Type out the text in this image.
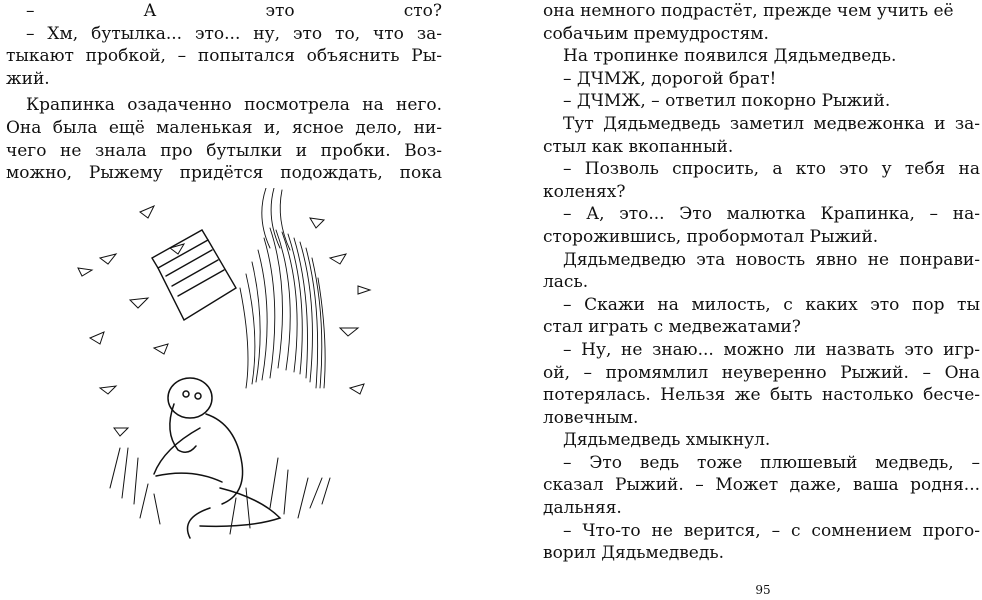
– А это сто?
– Хм, бутылка... это... ну, это то, что за-
тыкают пробкой, – попытался объяснить Ры-
жий.
Крапинка озадаченно посмотрела на него.
Она была ещё маленькая и, ясное дело, ни-
чего не знала про бутылки и пробки. Воз-
можно, Рыжему придётся подождать, пока
она немного подрастёт, прежде чем учить её
собачьим премудростям.
На тропинке появился Дядьмедведь.
– ДЧМЖ, дорогой брат!
– ДЧМЖ, – ответил покорно Рыжий.
Тут Дядьмедведь заметил медвежонка и за-
стыл как вкопанный.
– Позволь спросить, а кто это у тебя на
коленях?
– А, это... Это малютка Крапинка, – на-
сторожившись, пробормотал Рыжий.
Дядьмедведю эта новость явно не понрави-
лась.
– Скажи на милость, с каких это пор ты
стал играть с медвежатами?
– Ну, не знаю... можно ли назвать это игр-
ой, – промямлил неуверенно Рыжий. – Она
потерялась. Нельзя же быть настолько бесче-
ловечным.
Дядьмедведь хмыкнул.
– Это ведь тоже плюшевый медведь, –
сказал Рыжий. – Может даже, ваша родня...
дальняя.
– Что-то не верится, – с сомнением прого-
ворил Дядьмедведь.
95
